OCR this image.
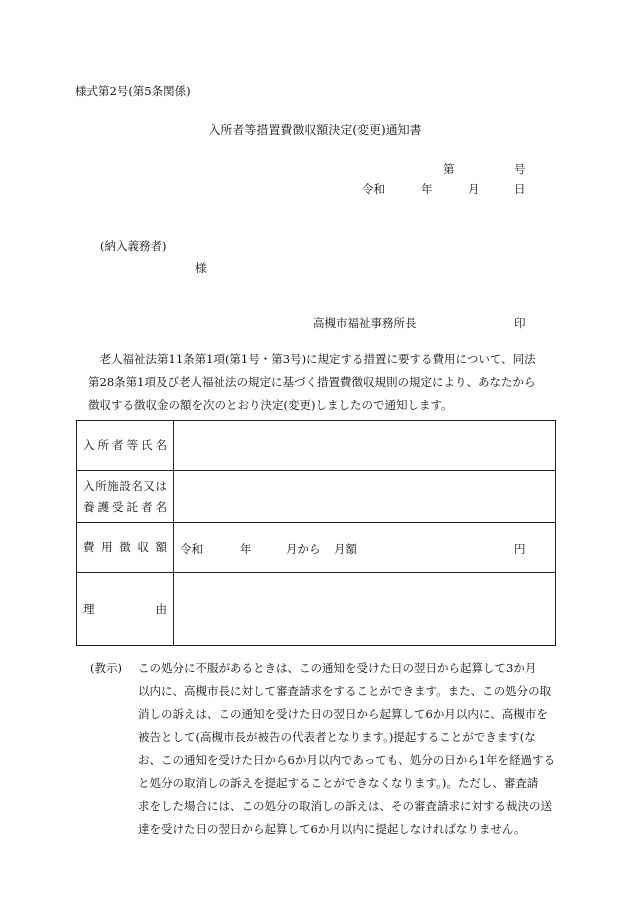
様式第2号(第5条関係)
入所者等措置費徴収額決定(変更)通知書
第	号
令和	年	月	日
(納入義務者)
様
高槻市福祉事務所長	印

老人福祉法第11条第1項(第1号・第3号)に規定する措置に要する費用について、同法

第28条第1項及び老人福祉法の規定に基づく措置費徴収規則の規定により、あなたから
徴収する徴収金の額を次のとおり決定(変更)しましたので通知します。
入所者等氏名	

入所施設名又は
養護受託者名	

費用徴収額	令和 年 月から 月額 円

理 由	

(教示) この処分に不服があるときは、この通知を受けた日の翌日から起算して3か月

以内に、高槻市長に対して審査請求をすることができます。また、この処分の取

消しの訴えは、この通知を受けた日の翌日から起算して6か月以内に、高槻市を

被告として(高槻市長が被告の代表者となります。)提起することができます(な

お、この通知を受けた日から6か月以内であっても、処分の日から1年を経過する

と処分の取消しの訴えを提起することができなくなります。)。ただし、審査請

求をした場合には、この処分の取消しの訴えは、その審査請求に対する裁決の送

達を受けた日の翌日から起算して6か月以内に提起しなければなりません。
